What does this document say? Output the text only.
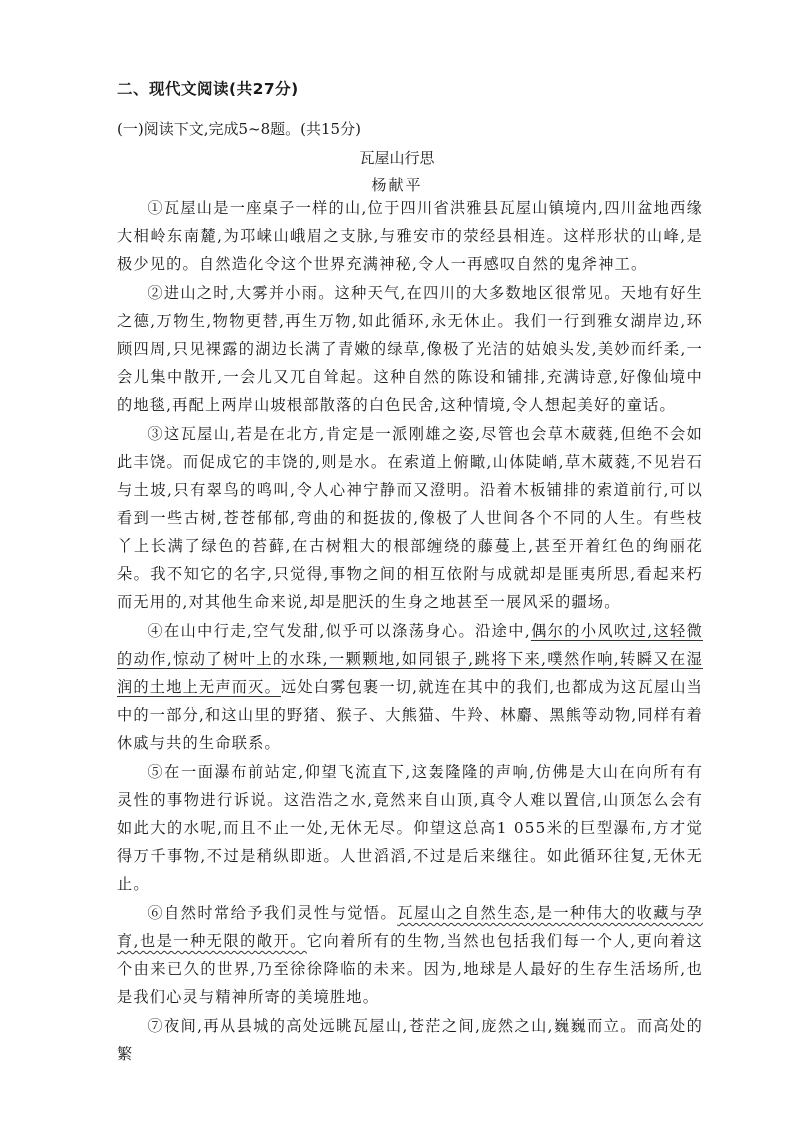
二、现代文阅读(共27分)
(一)阅读下文,完成5~8题。(共15分)
瓦屋山行思
杨献平

①瓦屋山是一座桌子一样的山,位于四川省洪雅县瓦屋山镇境内,四川盆地西缘大相岭东南麓,为邛崃山峨眉之支脉,与雅安市的荥经县相连。这样形状的山峰,是极少见的。自然造化令这个世界充满神秘,令人一再感叹自然的鬼斧神工。

②进山之时,大雾并小雨。这种天气,在四川的大多数地区很常见。天地有好生之德,万物生,物物更替,再生万物,如此循环,永无休止。我们一行到雅女湖岸边,环顾四周,只见裸露的湖边长满了青嫩的绿草,像极了光洁的姑娘头发,美妙而纤柔,一会儿集中散开,一会儿又兀自耸起。这种自然的陈设和铺排,充满诗意,好像仙境中的地毯,再配上两岸山坡根部散落的白色民舍,这种情境,令人想起美好的童话。

③这瓦屋山,若是在北方,肯定是一派刚雄之姿,尽管也会草木葳蕤,但绝不会如此丰饶。而促成它的丰饶的,则是水。在索道上俯瞰,山体陡峭,草木葳蕤,不见岩石与土坡,只有翠鸟的鸣叫,令人心神宁静而又澄明。沿着木板铺排的索道前行,可以看到一些古树,苍苍郁郁,弯曲的和挺拔的,像极了人世间各个不同的人生。有些枝丫上长满了绿色的苔藓,在古树粗大的根部缠绕的藤蔓上,甚至开着红色的绚丽花朵。我不知它的名字,只觉得,事物之间的相互依附与成就却是匪夷所思,看起来朽而无用的,对其他生命来说,却是肥沃的生身之地甚至一展风采的疆场。

④在山中行走,空气发甜,似乎可以涤荡身心。沿途中,偶尔的小风吹过,这轻微的动作,惊动了树叶上的水珠,一颗颗地,如同银子,跳将下来,噗然作响,转瞬又在湿润的土地上无声而灭。远处白雾包裹一切,就连在其中的我们,也都成为这瓦屋山当中的一部分,和这山里的野猪、猴子、大熊猫、牛羚、林麝、黑熊等动物,同样有着休戚与共的生命联系。

⑤在一面瀑布前站定,仰望飞流直下,这轰隆隆的声响,仿佛是大山在向所有有灵性的事物进行诉说。这浩浩之水,竟然来自山顶,真令人难以置信,山顶怎么会有如此大的水呢,而且不止一处,无休无尽。仰望这总高1 055米的巨型瀑布,方才觉得万千事物,不过是稍纵即逝。人世滔滔,不过是后来继往。如此循环往复,无休无止。

⑥自然时常给予我们灵性与觉悟。瓦屋山之自然生态,是一种伟大的收藏与孕育,也是一种无限的敞开。它向着所有的生物,当然也包括我们每一个人,更向着这个由来已久的世界,乃至徐徐降临的未来。因为,地球是人最好的生存生活场所,也是我们心灵与精神所寄的美境胜地。

⑦夜间,再从县城的高处远眺瓦屋山,苍茫之间,庞然之山,巍巍而立。而高处的繁
